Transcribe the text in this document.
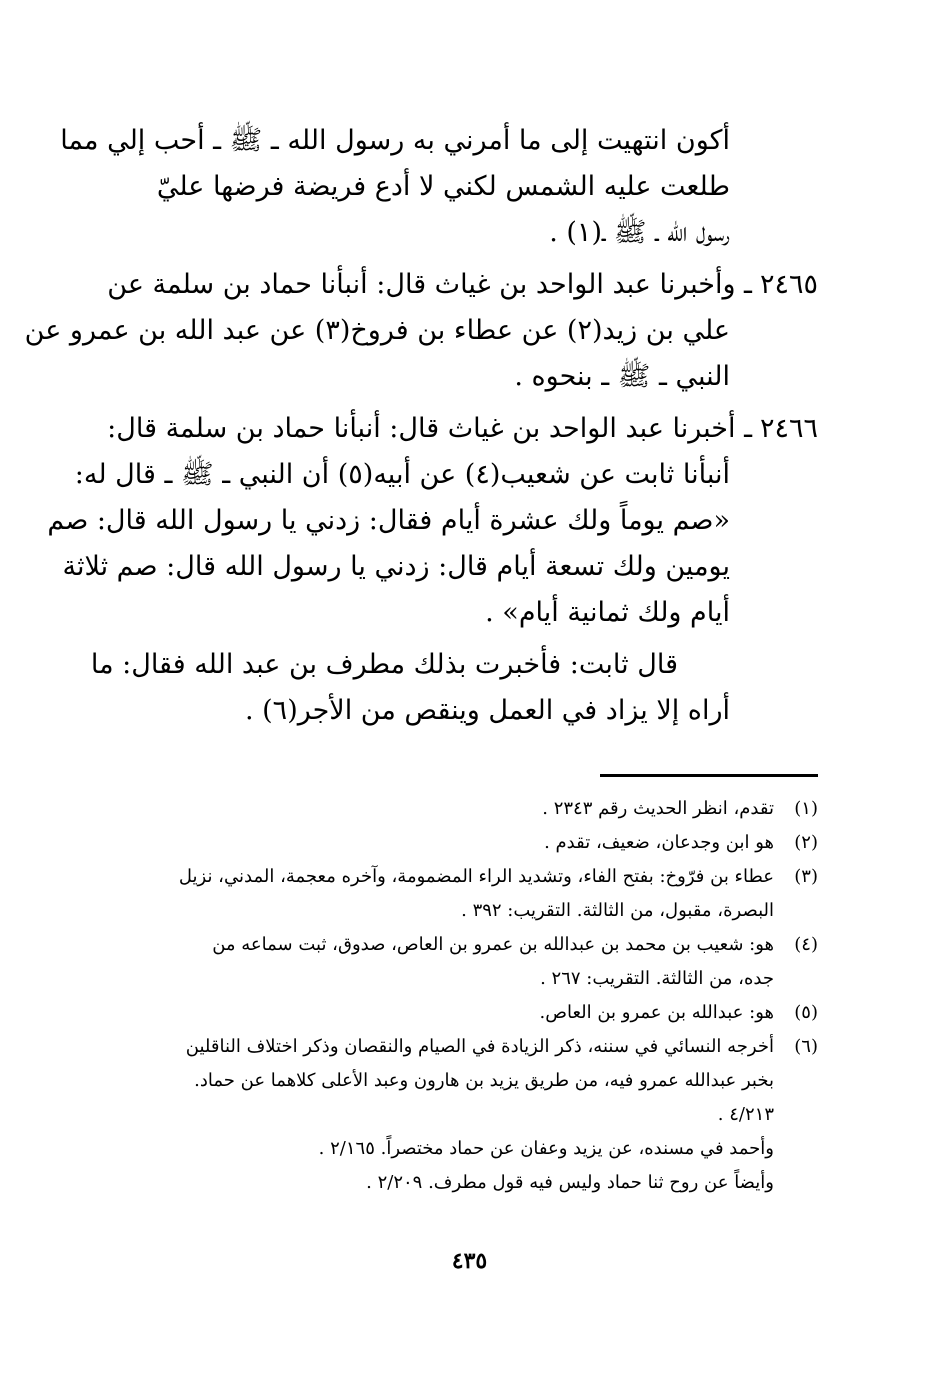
أكون انتهيت إلى ما أمرني به رسول الله ـ ﷺ ـ أحب إلي مما
طلعت عليه الشمس لكني لا أدع فريضة فرضها عليّ
رسول الله ـ ﷺ ـ(١) .
٢٤٦٥ـ وأخبرنا عبد الواحد بن غياث قال: أنبأنا حماد بن سلمة عن
علي بن زيد(٢) عن عطاء بن فروخ(٣) عن عبد الله بن عمرو عن
النبي ـ ﷺ ـ بنحوه .
٢٤٦٦ـ أخبرنا عبد الواحد بن غياث قال: أنبأنا حماد بن سلمة قال:
أنبأنا ثابت عن شعيب(٤) عن أبيه(٥) أن النبي ـ ﷺ ـ قال له:
«صم يوماً ولك عشرة أيام فقال: زدني يا رسول الله قال: صم
يومين ولك تسعة أيام قال: زدني يا رسول الله قال: صم ثلاثة
أيام ولك ثمانية أيام» .
قال ثابت: فأخبرت بذلك مطرف بن عبد الله فقال: ما
أراه إلا يزاد في العمل وينقص من الأجر(٦) .
(١)تقدم، انظر الحديث رقم ٢٣٤٣ .
(٢)هو ابن وجدعان، ضعيف، تقدم .
(٣)عطاء بن فرّوخ: بفتح الفاء، وتشديد الراء المضمومة، وآخره معجمة، المدني، نزيل
البصرة، مقبول، من الثالثة. التقريب: ٣٩٢ .
(٤)هو: شعيب بن محمد بن عبدالله بن عمرو بن العاص، صدوق، ثبت سماعه من
جده، من الثالثة. التقريب: ٢٦٧ .
(٥)هو: عبدالله بن عمرو بن العاص.
(٦)أخرجه النسائي في سننه، ذكر الزيادة في الصيام والنقصان وذكر اختلاف الناقلين
بخبر عبدالله عمرو فيه، من طريق يزيد بن هارون وعبد الأعلى كلاهما عن حماد.
٤/٢١٣ .
وأحمد في مسنده، عن يزيد وعفان عن حماد مختصراً. ٢/١٦٥ .
وأيضاً عن روح ثنا حماد وليس فيه قول مطرف. ٢/٢٠٩ .
٤٣٥
